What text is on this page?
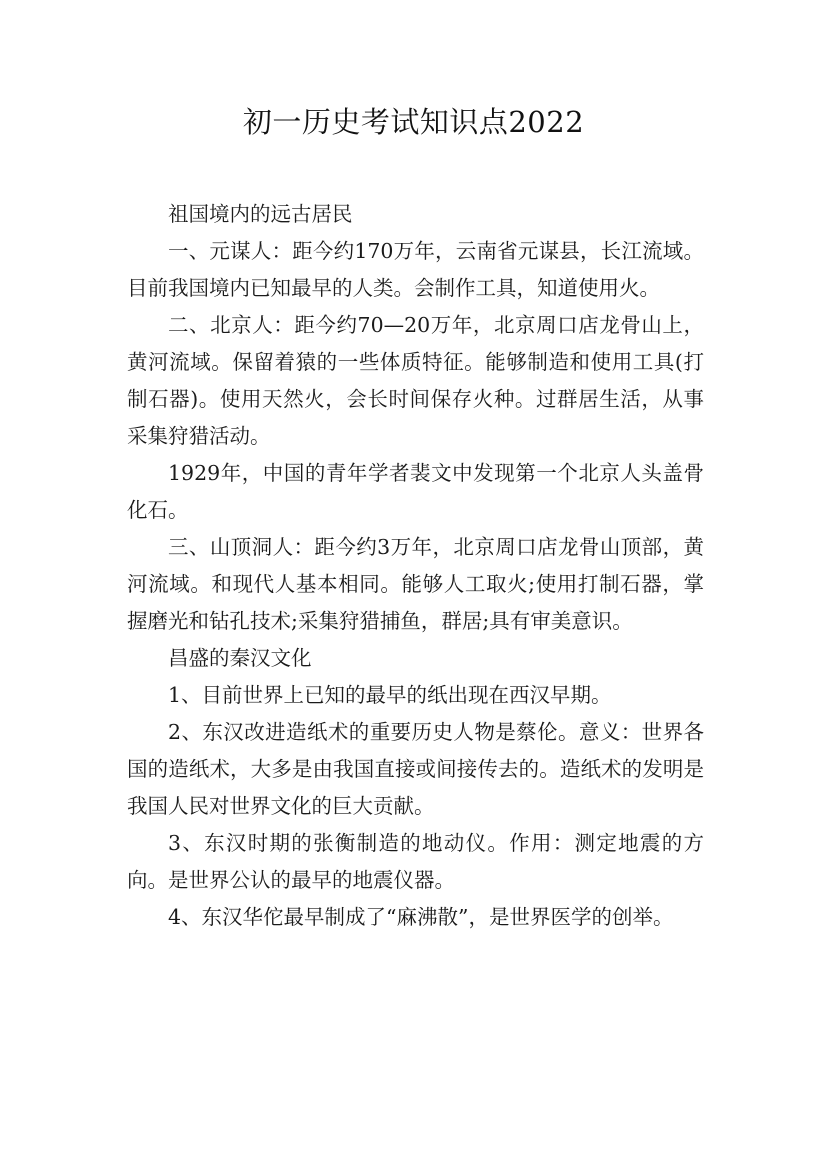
初一历史考试知识点2022

祖国境内的远古居民

一、元谋人：距今约170万年，云南省元谋县，长江流域。目前我国境内已知最早的人类。会制作工具，知道使用火。

二、北京人：距今约70—20万年，北京周口店龙骨山上，黄河流域。保留着猿的一些体质特征。能够制造和使用工具(打制石器)。使用天然火，会长时间保存火种。过群居生活，从事采集狩猎活动。

1929年，中国的青年学者裴文中发现第一个北京人头盖骨化石。

三、山顶洞人：距今约3万年，北京周口店龙骨山顶部，黄河流域。和现代人基本相同。能够人工取火;使用打制石器，掌握磨光和钻孔技术;采集狩猎捕鱼，群居;具有审美意识。

昌盛的秦汉文化

1、目前世界上已知的最早的纸出现在西汉早期。

2、东汉改进造纸术的重要历史人物是蔡伦。意义：世界各国的造纸术，大多是由我国直接或间接传去的。造纸术的发明是我国人民对世界文化的巨大贡献。

3、东汉时期的张衡制造的地动仪。作用：测定地震的方向。是世界公认的最早的地震仪器。

4、东汉华佗最早制成了“麻沸散”，是世界医学的创举。
